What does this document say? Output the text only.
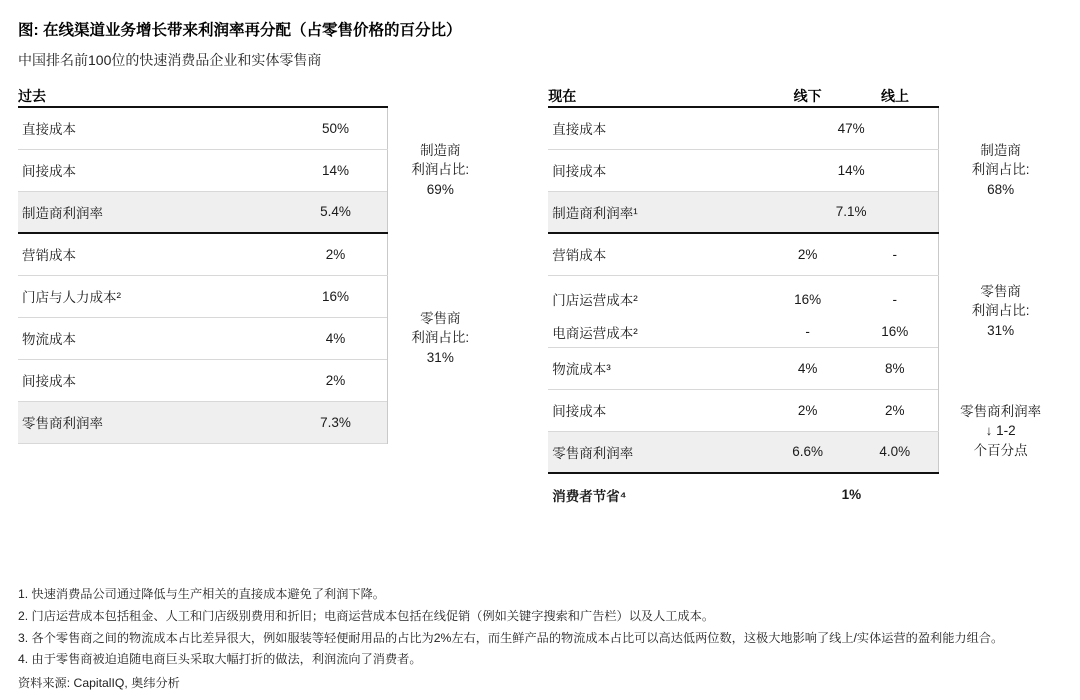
图: 在线渠道业务增长带来利润率再分配（占零售价格的百分比）
中国排名前100位的快速消费品企业和实体零售商
过去		
直接成本	50%	制造商
利润占比:

69%

间接成本	14%	
制造商利润率	5.4%	
营销成本	2%	零售商
利润占比:

31%

门店与人力成本²	16%	
物流成本	4%	
间接成本	2%	
零售商利润率	7.3%	
现在	线下	线上	
直接成本	47%		制造商
利润占比:

68%

间接成本	14%		
制造商利润率¹	7.1%		
营销成本	2%	-	零售商
利润占比:

31%

门店运营成本²	16%	-	
电商运营成本²	-	16%	
物流成本³	4%	8%	
间接成本	2%	2%	零售商利润率
↓ 1-2
个百分点
零售商利润率	6.6%	4.0%	
消费者节省⁴	1%		
1. 快速消费品公司通过降低与生产相关的直接成本避免了利润下降。
2. 门店运营成本包括租金、人工和门店级别费用和折旧；电商运营成本包括在线促销（例如关键字搜索和广告栏）以及人工成本。
3. 各个零售商之间的物流成本占比差异很大，例如服装等轻便耐用品的占比为2%左右，而生鲜产品的物流成本占比可以高达低两位数，这极大地影响了线上/实体运营的盈利能力组合。
4. 由于零售商被迫追随电商巨头采取大幅打折的做法，利润流向了消费者。
资料来源: CapitalIQ, 奥纬分析
